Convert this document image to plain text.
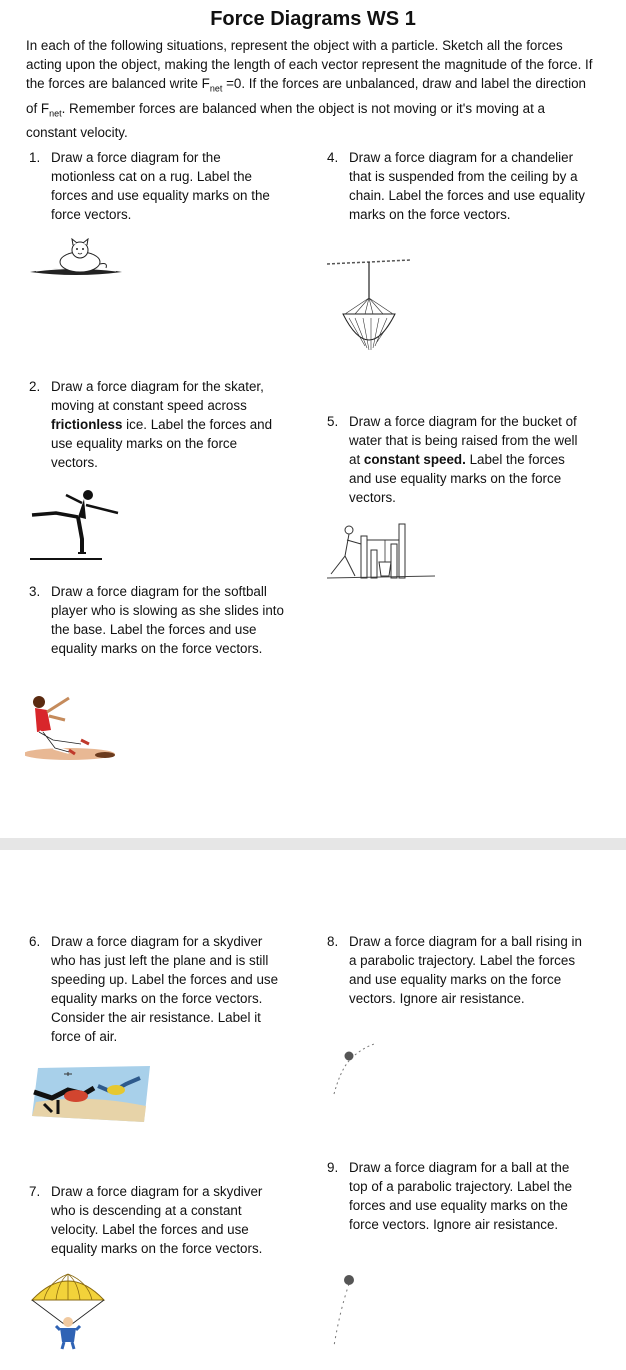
Force Diagrams WS 1
In each of the following situations, represent the object with a particle. Sketch all the forces acting upon the object, making the length of each vector represent the magnitude of the force. If the forces are balanced write $F_{net} =0$. If the forces are unbalanced, draw and label the direction of $F_{net}$. Remember forces are balanced when the object is not moving or it's moving at a constant velocity.
1. Draw a force diagram for the motionless cat on a rug. Label the forces and use equality marks on the force vectors.
4. Draw a force diagram for a chandelier that is suspended from the ceiling by a chain. Label the forces and use equality marks on the force vectors.
2. Draw a force diagram for the skater, moving at constant speed across frictionless ice. Label the forces and use equality marks on the force vectors.
5. Draw a force diagram for the bucket of water that is being raised from the well at constant speed. Label the forces and use equality marks on the force vectors.
3. Draw a force diagram for the softball player who is slowing as she slides into the base. Label the forces and use equality marks on the force vectors.
6. Draw a force diagram for a skydiver who has just left the plane and is still speeding up. Label the forces and use equality marks on the force vectors. Consider the air resistance. Label it force of air.
8. Draw a force diagram for a ball rising in a parabolic trajectory. Label the forces and use equality marks on the force vectors. Ignore air resistance.
9. Draw a force diagram for a ball at the top of a parabolic trajectory. Label the forces and use equality marks on the force vectors. Ignore air resistance.
7. Draw a force diagram for a skydiver who is descending at a constant velocity. Label the forces and use equality marks on the force vectors.
